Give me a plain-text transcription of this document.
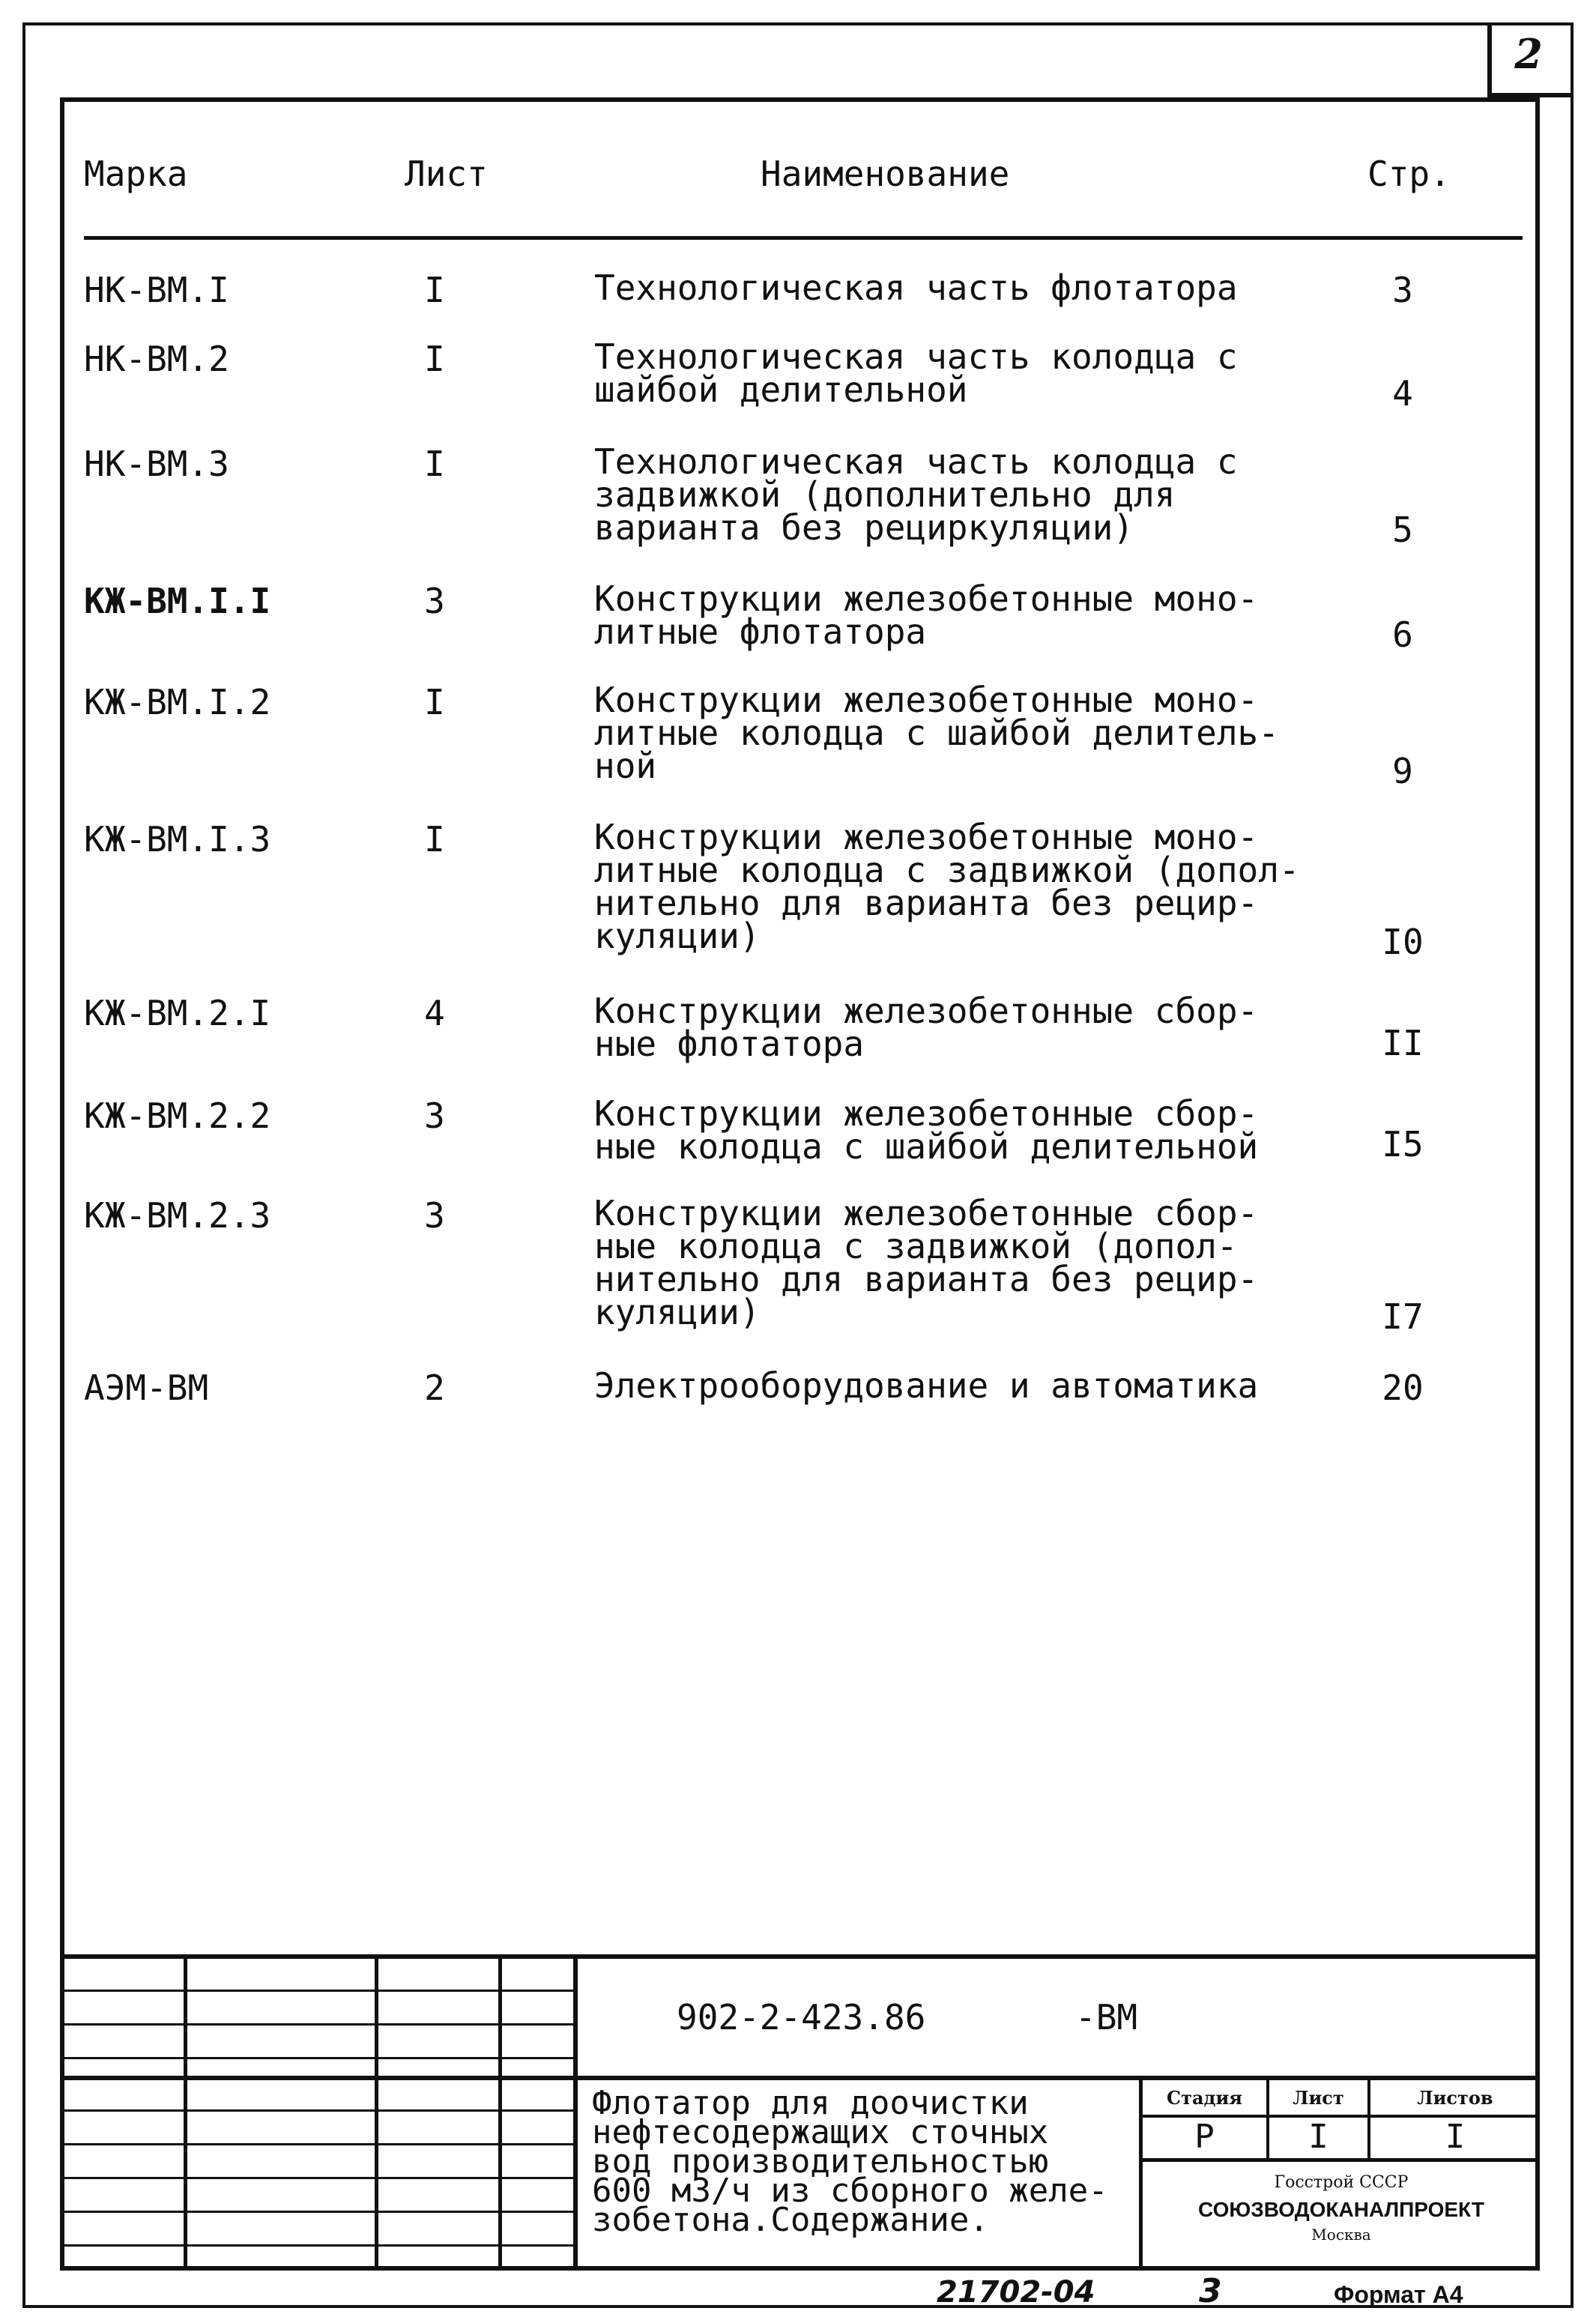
2
Марка	Лист	Наименование	Стр.
НК-ВМ.I	I	Технологическая часть флотатора	3
НК-ВМ.2	I	Технологическая часть колодца с
шайбой делительной	4
НК-ВМ.3	I	Технологическая часть колодца с
задвижкой (дополнительно для
варианта без рециркуляции)	5
КЖ-ВМ.I.I	3	Конструкции железобетонные моно-
литные флотатора	6
КЖ-ВМ.I.2	I	Конструкции железобетонные моно-
литные колодца с шайбой делитель-
ной	9
КЖ-ВМ.I.3	I	Конструкции железобетонные моно-
литные колодца с задвижкой (допол-
нительно для варианта без рецир-
куляции)	I0
КЖ-ВМ.2.I	4	Конструкции железобетонные сбор-
ные флотатора	II
КЖ-ВМ.2.2	3	Конструкции железобетонные сбор-
ные колодца с шайбой делительной	I5
КЖ-ВМ.2.3	3	Конструкции железобетонные сбор-
ные колодца с задвижкой (допол-
нительно для варианта без рецир-
куляции)	I7
АЭМ-ВМ	2	Электрооборудование и автоматика	20
902-2-423.86	-ВМ
Флотатор для доочистки
нефтесодержащих сточных
вод производительностью
600 м3/ч из сборного желе-
зобетона.Содержание.
Стадия	Лист	Листов
Р	I	I
Госстрой СССР
СОЮЗВОДОКАНАЛПРОЕКТ
Москва
21702-04	3	Формат А4
